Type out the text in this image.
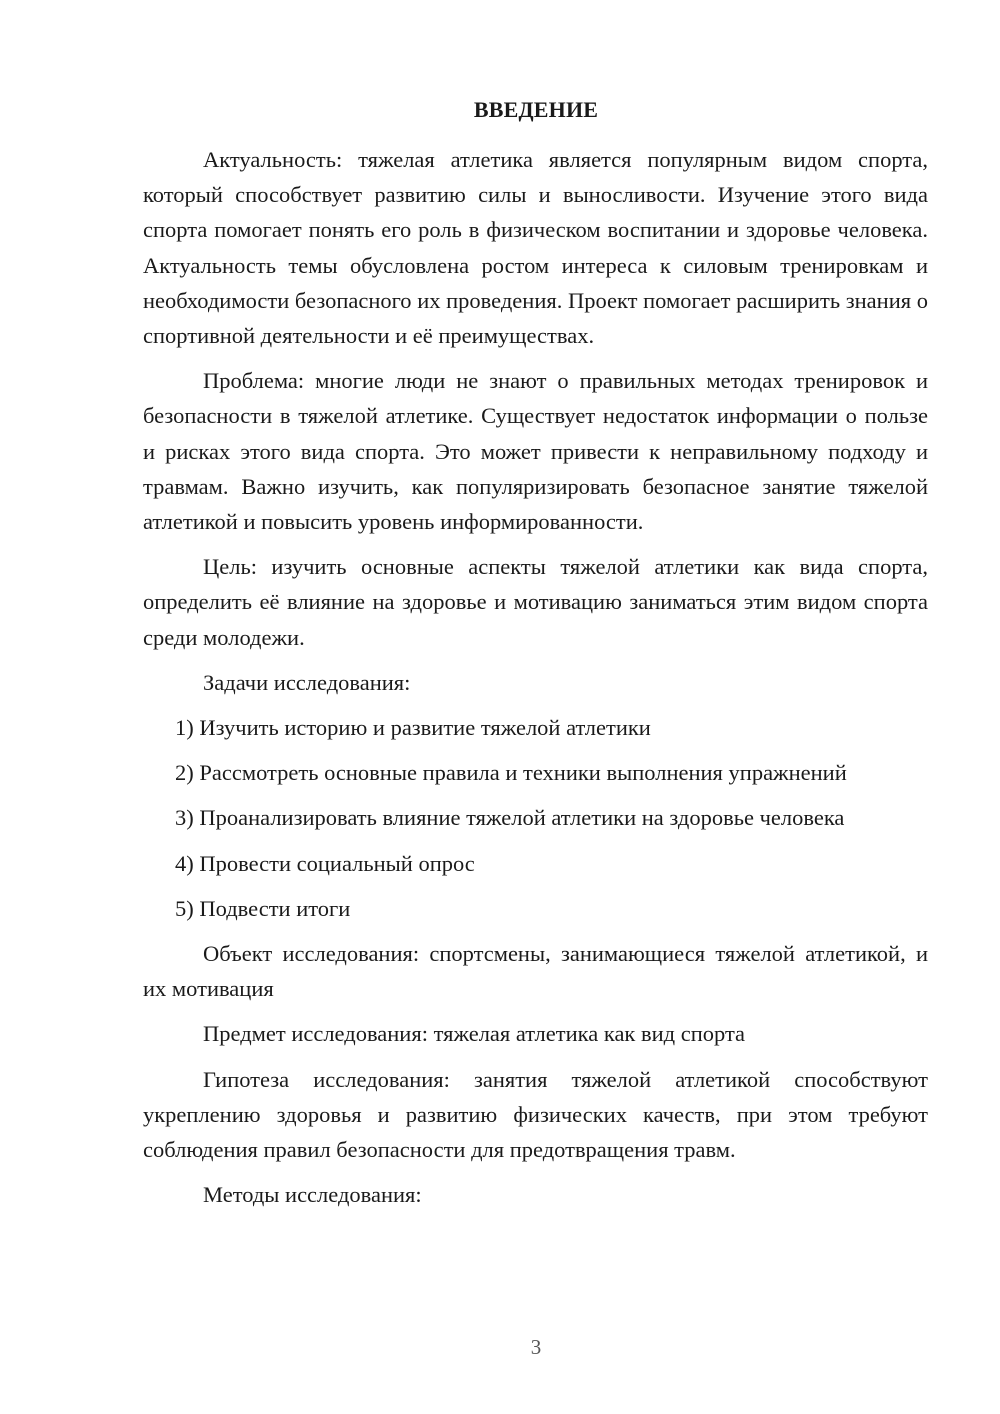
ВВЕДЕНИЕ

Актуальность: тяжелая атлетика является популярным видом спорта, который способствует развитию силы и выносливости. Изучение этого вида спорта помогает понять его роль в физическом воспитании и здоровье человека. Актуальность темы обусловлена ростом интереса к силовым тренировкам и необходимости безопасного их проведения. Проект помогает расширить знания о спортивной деятельности и её преимуществах.

Проблема: многие люди не знают о правильных методах тренировок и безопасности в тяжелой атлетике. Существует недостаток информации о пользе и рисках этого вида спорта. Это может привести к неправильному подходу и травмам. Важно изучить, как популяризировать безопасное занятие тяжелой атлетикой и повысить уровень информированности.

Цель: изучить основные аспекты тяжелой атлетики как вида спорта, определить её влияние на здоровье и мотивацию заниматься этим видом спорта среди молодежи.

Задачи исследования:

1) Изучить историю и развитие тяжелой атлетики

2) Рассмотреть основные правила и техники выполнения упражнений

3) Проанализировать влияние тяжелой атлетики на здоровье человека

4) Провести социальный опрос

5) Подвести итоги

Объект исследования: спортсмены, занимающиеся тяжелой атлетикой, и их мотивация

Предмет исследования: тяжелая атлетика как вид спорта

Гипотеза исследования: занятия тяжелой атлетикой способствуют укреплению здоровья и развитию физических качеств, при этом требуют соблюдения правил безопасности для предотвращения травм.

Методы исследования:

3
